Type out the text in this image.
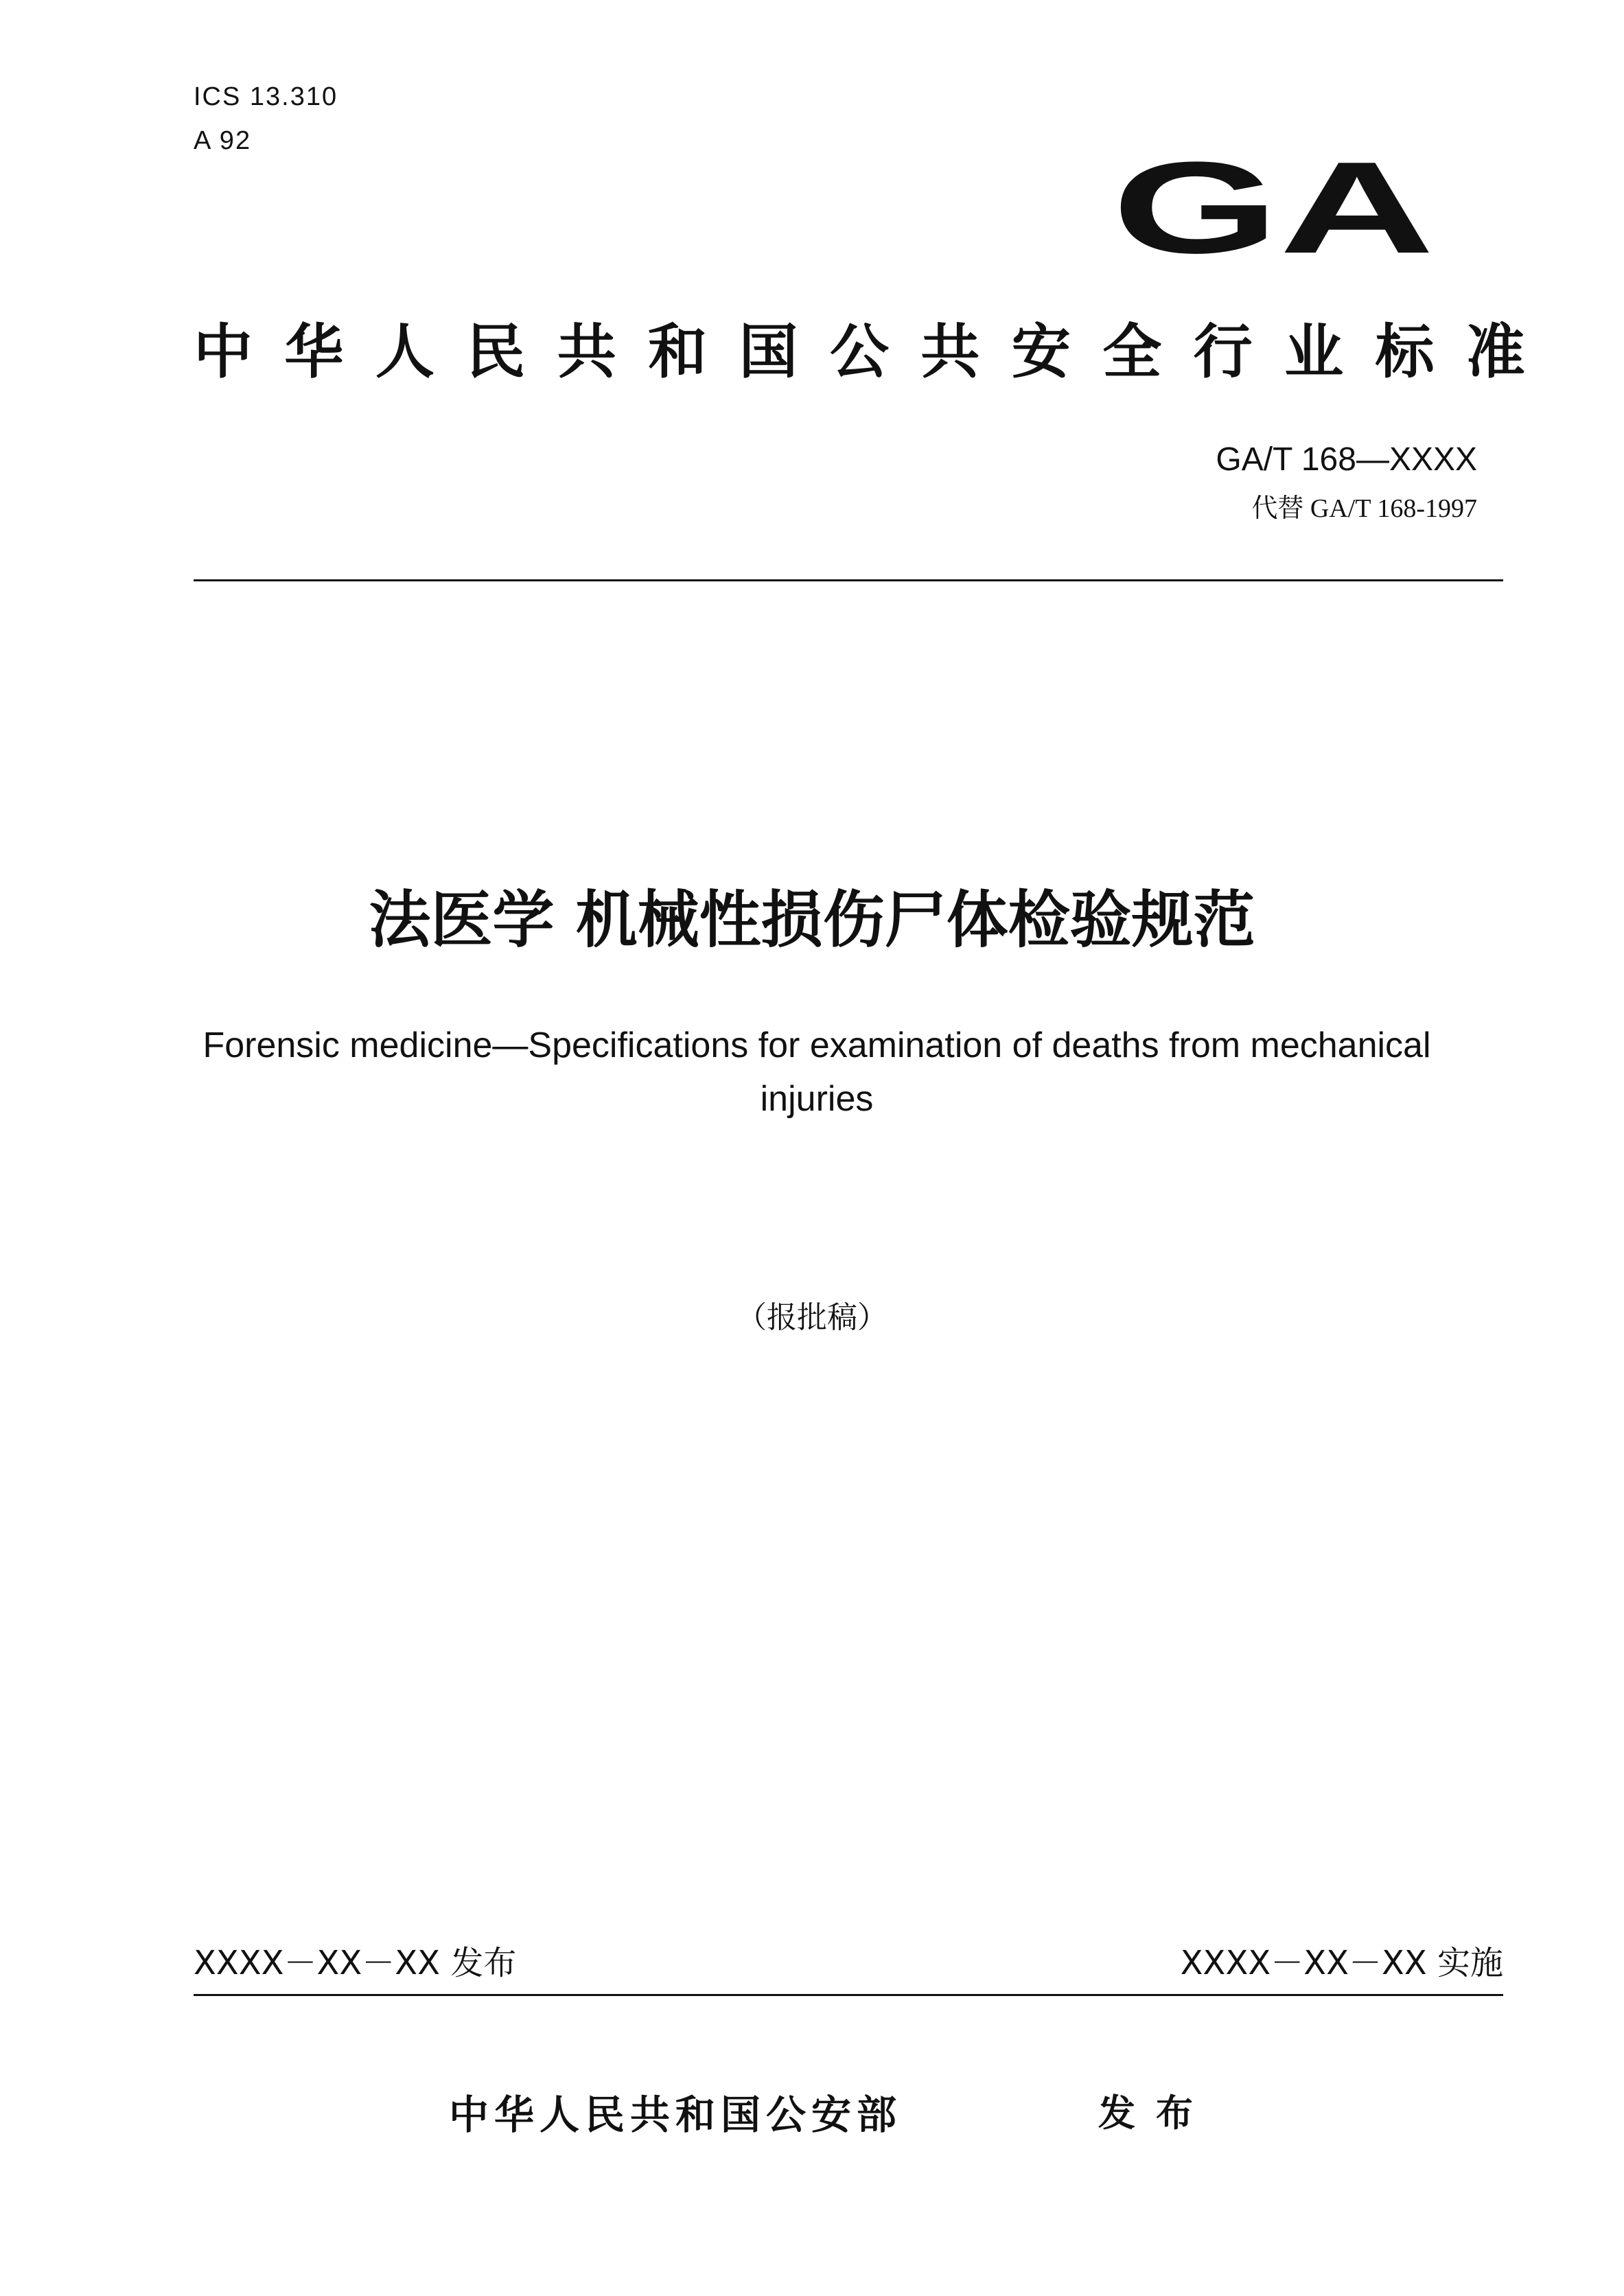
ICS 13.310
A 92	GA
中 华 人 民 共 和 国 公 共 安 全 行 业 标 准
GA/T 168—XXXX
代替 GA/T 168-1997
法医学 机械性损伤尸体检验规范
Forensic medicine—Specifications for examination of deaths from mechanical injuries
（报批稿）
XXXX－XX－XX 发布	XXXX－XX－XX 实施
中华人民共和国公安部	发布
